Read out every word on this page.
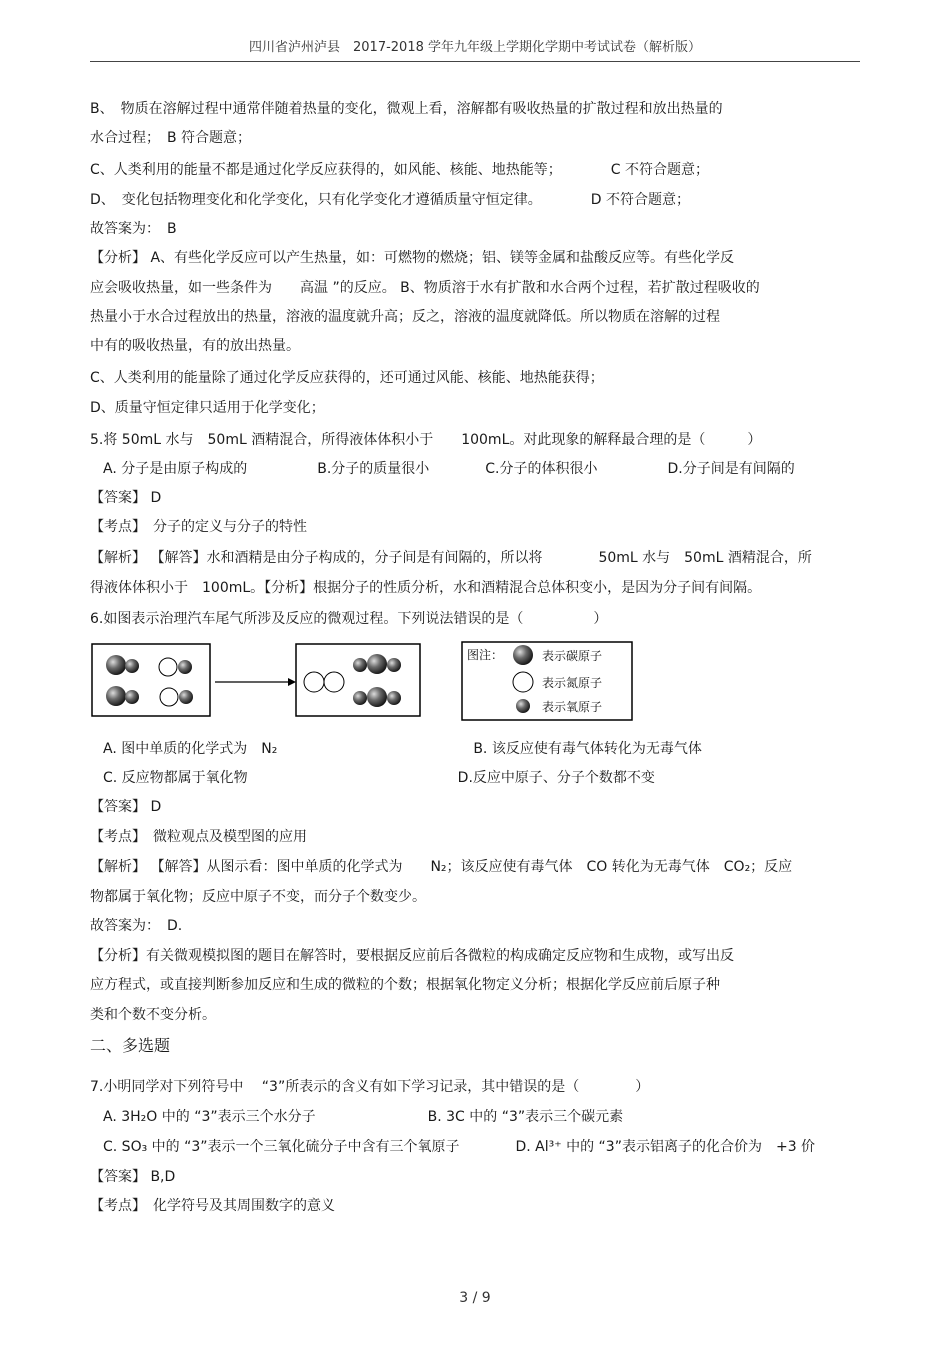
四川省泸州泸县　2017-2018 学年九年级上学期化学期中考试试卷（解析版）
B、　物质在溶解过程中通常伴随着热量的变化，微观上看，溶解都有吸收热量的扩散过程和放出热量的
水合过程；　B 符合题意；
C、人类利用的能量不都是通过化学反应获得的，如风能、核能、地热能等；　　　　C 不符合题意；
D、　变化包括物理变化和化学变化，只有化学变化才遵循质量守恒定律。　　　　D 不符合题意；
故答案为：　B
【分析】 A、有些化学反应可以产生热量，如：可燃物的燃烧；铝、镁等金属和盐酸反应等。有些化学反
应会吸收热量，如一些条件为　　高温 ”的反应。 B、物质溶于水有扩散和水合两个过程，若扩散过程吸收的
热量小于水合过程放出的热量，溶液的温度就升高；反之，溶液的温度就降低。所以物质在溶解的过程
中有的吸收热量，有的放出热量。
C、人类利用的能量除了通过化学反应获得的，还可通过风能、核能、地热能获得；
D、质量守恒定律只适用于化学变化；
5.将 50mL 水与　50mL 酒精混合，所得液体体积小于　　100mL。对此现象的解释最合理的是（　　　）
A. 分子是由原子构成的　　　　　B.分子的质量很小　　　　C.分子的体积很小　　　　　D.分子间是有间隔的
【答案】 D
【考点】　分子的定义与分子的特性
【解析】 【解答】水和酒精是由分子构成的，分子间是有间隔的，所以将　　　　50mL 水与　50mL 酒精混合，所
得液体体积小于　100mL。【分析】根据分子的性质分析，水和酒精混合总体积变小，是因为分子间有间隔。
6.如图表示治理汽车尾气所涉及反应的微观过程。下列说法错误的是（　　　　　）
A. 图中单质的化学式为　N₂　　　　　　　　　　　　　　B. 该反应使有毒气体转化为无毒气体
C. 反应物都属于氧化物　　　　　　　　　　　　　　　D.反应中原子、分子个数都不变
【答案】 D
【考点】　微粒观点及模型图的应用
【解析】 【解答】从图示看：图中单质的化学式为　　N₂；该反应使有毒气体　CO 转化为无毒气体　CO₂；反应
物都属于氧化物；反应中原子不变，而分子个数变少。
故答案为：　D.
【分析】有关微观模拟图的题目在解答时，要根据反应前后各微粒的构成确定反应物和生成物，或写出反
应方程式，或直接判断参加反应和生成的微粒的个数；根据氧化物定义分析；根据化学反应前后原子种
类和个数不变分析。
二、多选题
7.小明同学对下列符号中　 “3”所表示的含义有如下学习记录，其中错误的是（　　　　）
A. 3H₂O 中的 “3”表示三个水分子　　　　　　　　B. 3C 中的 “3”表示三个碳元素
C. SO₃ 中的 “3”表示一个三氧化硫分子中含有三个氧原子　　　　D. Al³⁺ 中的 “3”表示铝离子的化合价为　+3 价
【答案】 B,D
【考点】　化学符号及其周围数字的意义
图注：	表示碳原子
表示氮原子
表示氧原子
3 / 9
